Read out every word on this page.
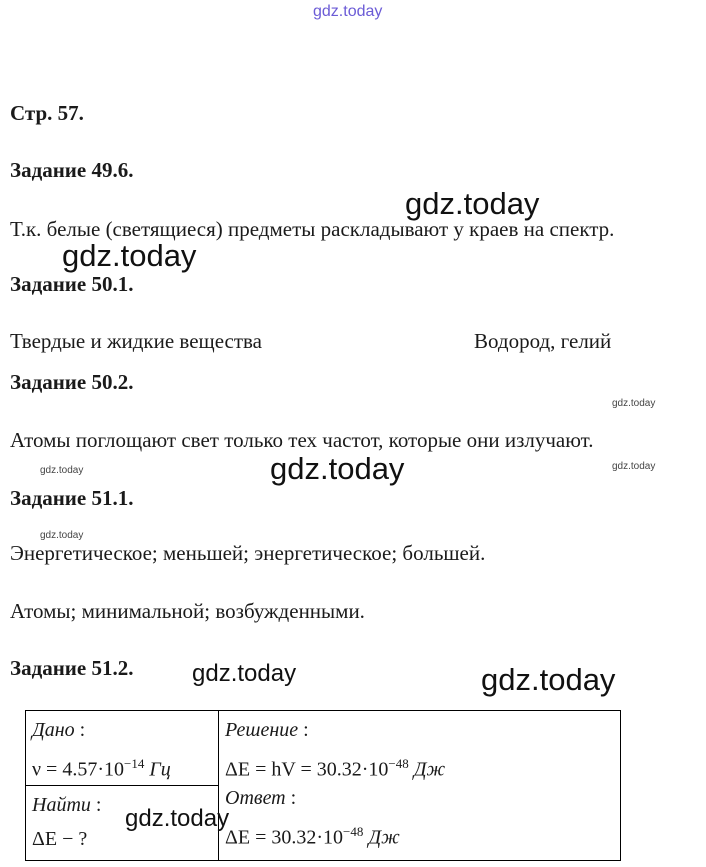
gdz.today
gdz.today
gdz.today
gdz.today
gdz.today
gdz.today	gdz.today
gdz.today
gdz.today	gdz.today
Стр. 57.
Задание 49.6.
Т.к. белые (светящиеся) предметы раскладывают у краев на спектр.
Задание 50.1.
Твердые и жидкие вещества	Водород, гелий
Задание 50.2.
Атомы поглощают свет только тех частот, которые они излучают.
Задание 51.1.
Энергетическое; меньшей; энергетическое; большей.
Атомы; минимальной; возбужденными.
Задание 51.2.
Дано :
$\nu = 4.57\cdot 10^{-14}$ Гц

Решение :
ΔE = hV = $30.32\cdot 10^{-48}$ Дж
Ответ :
$\Delta E = 30.32\cdot 10^{-48}$ Дж

Найти :
ΔE − ?
gdz.today
